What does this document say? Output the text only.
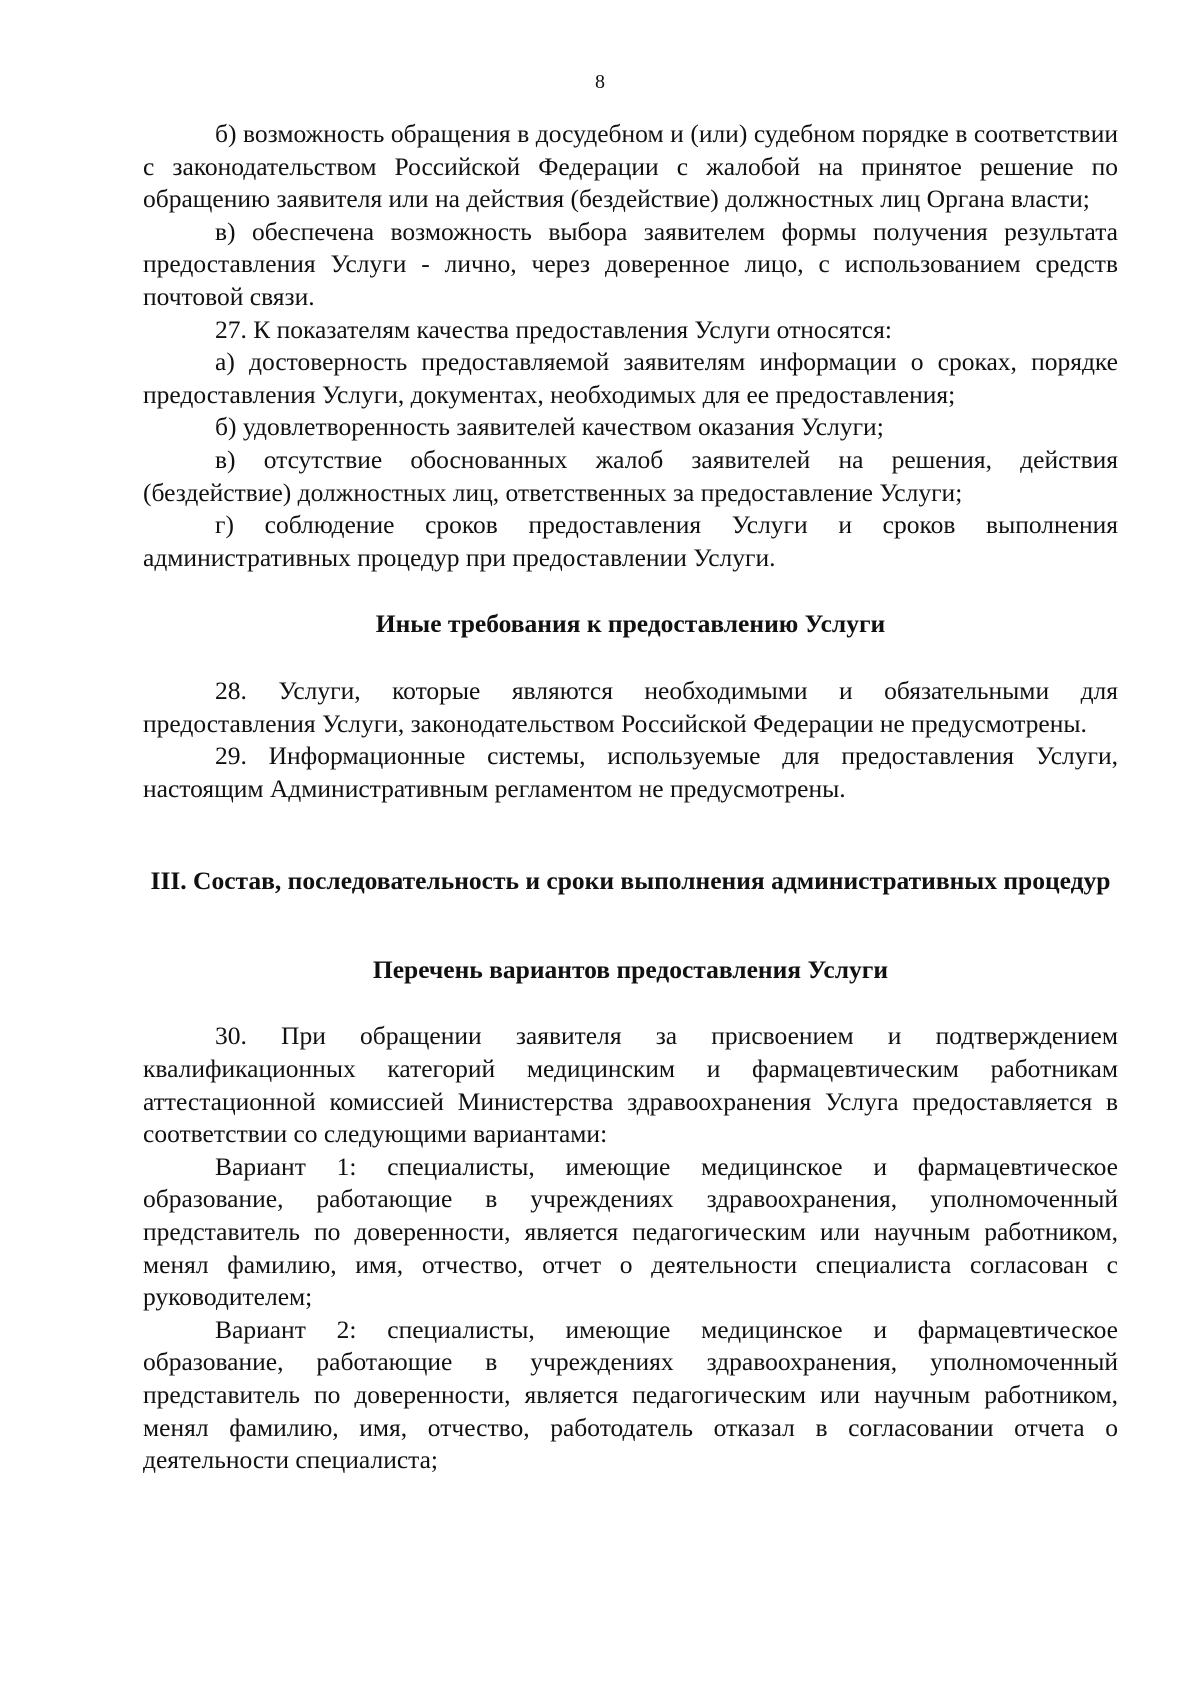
8

б) возможность обращения в досудебном и (или) судебном порядке в соответствии с законодательством Российской Федерации с жалобой на принятое решение по обращению заявителя или на действия (бездействие) должностных лиц Органа власти;

в) обеспечена возможность выбора заявителем формы получения результата предоставления Услуги - лично, через доверенное лицо, с использованием средств почтовой связи.

27. К показателям качества предоставления Услуги относятся:

а) достоверность предоставляемой заявителям информации о сроках, порядке предоставления Услуги, документах, необходимых для ее предоставления;

б) удовлетворенность заявителей качеством оказания Услуги;

в) отсутствие обоснованных жалоб заявителей на решения, действия (бездействие) должностных лиц, ответственных за предоставление Услуги;

г) соблюдение сроков предоставления Услуги и сроков выполнения административных процедур при предоставлении Услуги.

Иные требования к предоставлению Услуги

28. Услуги, которые являются необходимыми и обязательными для предоставления Услуги, законодательством Российской Федерации не предусмотрены.

29. Информационные системы, используемые для предоставления Услуги, настоящим Административным регламентом не предусмотрены.

III. Состав, последовательность и сроки выполнения административных процедур

Перечень вариантов предоставления Услуги

30. При обращении заявителя за присвоением и подтверждением квалификационных категорий медицинским и фармацевтическим работникам аттестационной комиссией Министерства здравоохранения Услуга предоставляется в соответствии со следующими вариантами:

Вариант 1: специалисты, имеющие медицинское и фармацевтическое образование, работающие в учреждениях здравоохранения, уполномоченный представитель по доверенности, является педагогическим или научным работником, менял фамилию, имя, отчество, отчет о деятельности специалиста согласован с руководителем;

Вариант 2: специалисты, имеющие медицинское и фармацевтическое образование, работающие в учреждениях здравоохранения, уполномоченный представитель по доверенности, является педагогическим или научным работником, менял фамилию, имя, отчество, работодатель отказал в согласовании отчета о деятельности специалиста;
